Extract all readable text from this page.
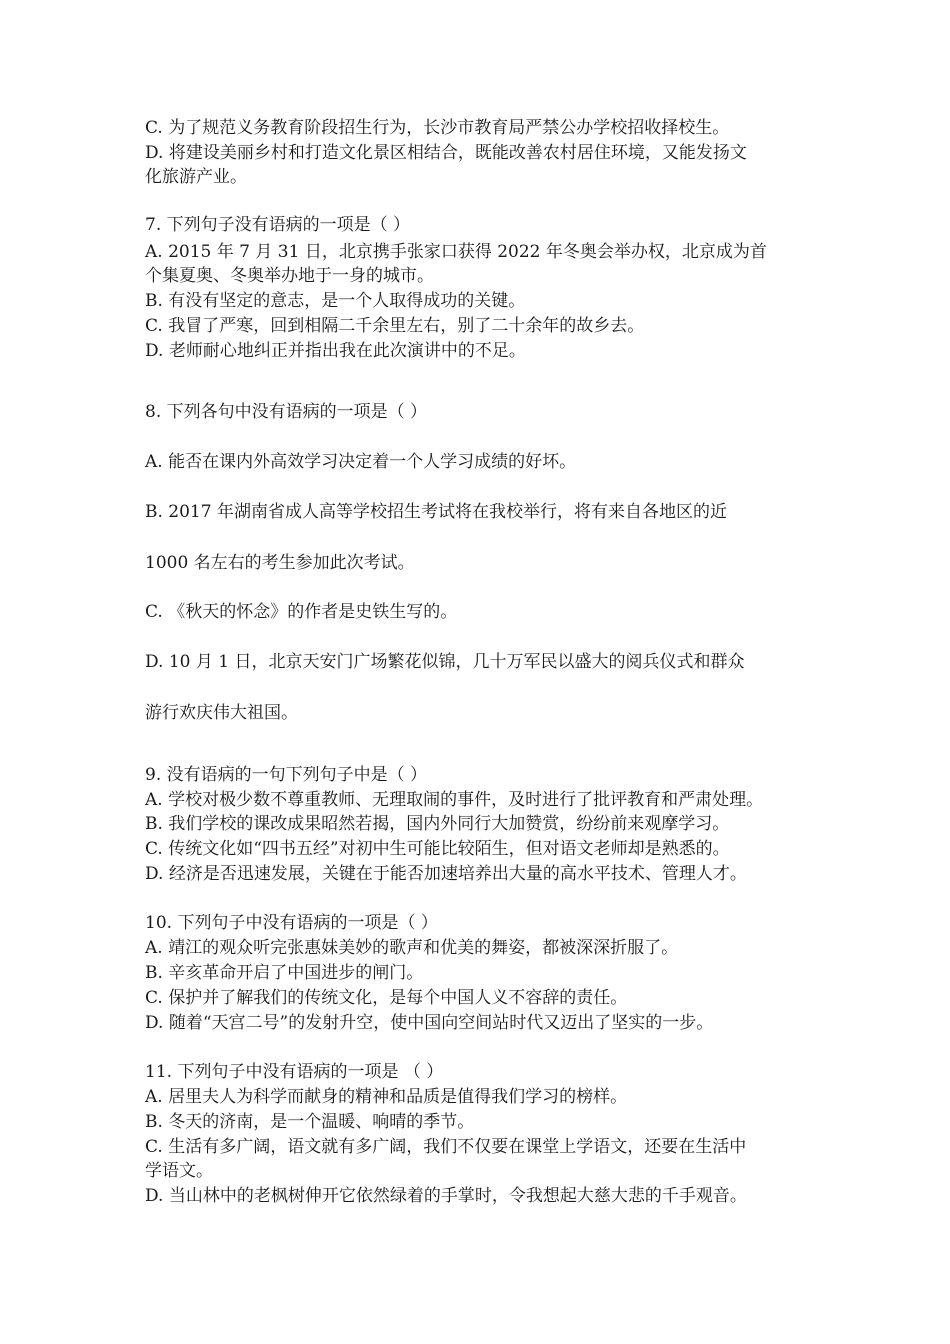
C. 为了规范义务教育阶段招生行为，长沙市教育局严禁公办学校招收择校生。
D. 将建设美丽乡村和打造文化景区相结合，既能改善农村居住环境，又能发扬文
化旅游产业。
7. 下列句子没有语病的一项是（ ）
A. 2015 年 7 月 31 日，北京携手张家口获得 2022 年冬奥会举办权，北京成为首
个集夏奥、冬奥举办地于一身的城市。
B. 有没有坚定的意志，是一个人取得成功的关键。
C. 我冒了严寒，回到相隔二千余里左右，别了二十余年的故乡去。
D. 老师耐心地纠正并指出我在此次演讲中的不足。
8. 下列各句中没有语病的一项是（ ）
A. 能否在课内外高效学习决定着一个人学习成绩的好坏。
B. 2017 年湖南省成人高等学校招生考试将在我校举行，将有来自各地区的近
1000 名左右的考生参加此次考试。
C. 《秋天的怀念》的作者是史铁生写的。
D. 10 月 1 日，北京天安门广场繁花似锦，几十万军民以盛大的阅兵仪式和群众
游行欢庆伟大祖国。
9. 没有语病的一句下列句子中是（ ）
A. 学校对极少数不尊重教师、无理取闹的事件，及时进行了批评教育和严肃处理。
B. 我们学校的课改成果昭然若揭，国内外同行大加赞赏，纷纷前来观摩学习。
C. 传统文化如“四书五经”对初中生可能比较陌生，但对语文老师却是熟悉的。
D. 经济是否迅速发展，关键在于能否加速培养出大量的高水平技术、管理人才。
10. 下列句子中没有语病的一项是（ ）
A. 靖江的观众听完张惠妹美妙的歌声和优美的舞姿，都被深深折服了。
B. 辛亥革命开启了中国进步的闸门。
C. 保护并了解我们的传统文化，是每个中国人义不容辞的责任。
D. 随着“天宫二号”的发射升空，使中国向空间站时代又迈出了坚实的一步。
11. 下列句子中没有语病的一项是 （ ）
A. 居里夫人为科学而献身的精神和品质是值得我们学习的榜样。
B. 冬天的济南，是一个温暖、响晴的季节。
C. 生活有多广阔，语文就有多广阔，我们不仅要在课堂上学语文，还要在生活中
学语文。
D. 当山林中的老枫树伸开它依然绿着的手掌时，令我想起大慈大悲的千手观音。
